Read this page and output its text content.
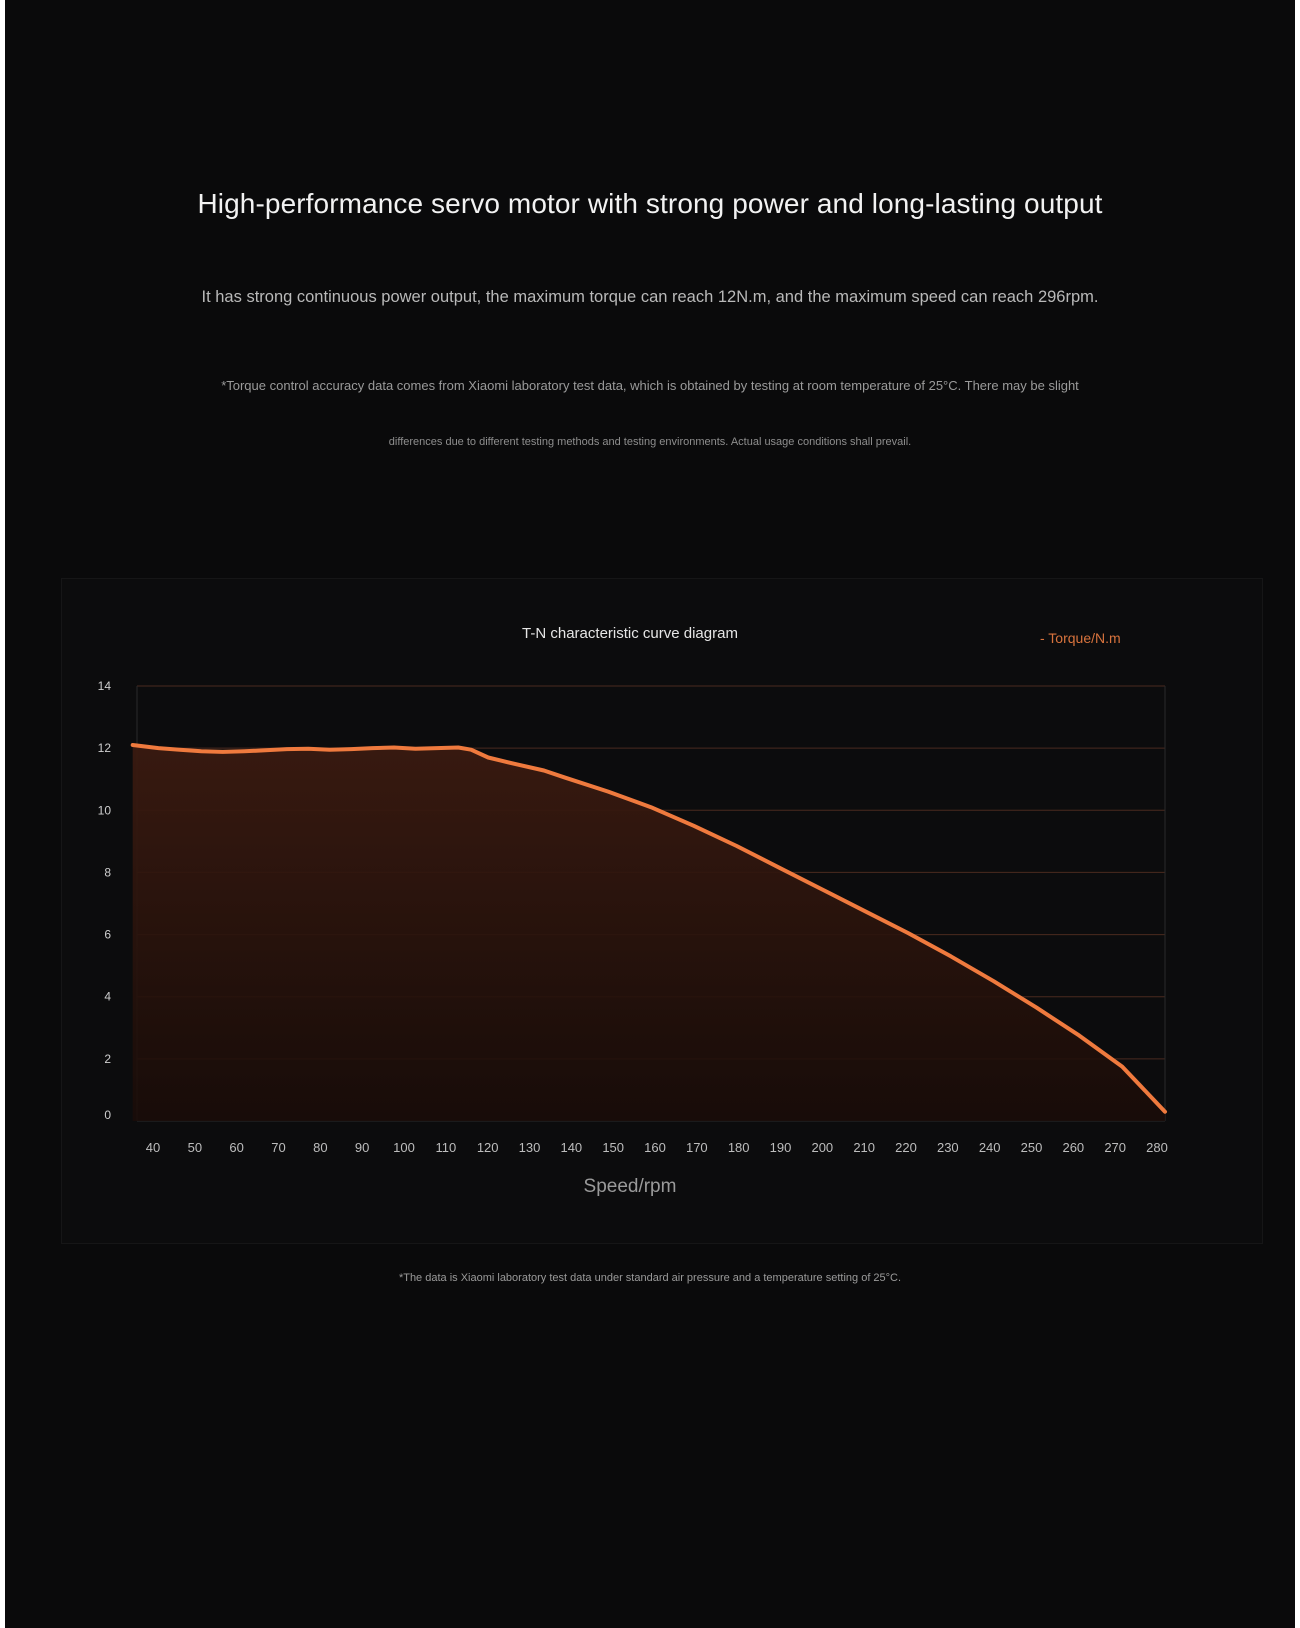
High-performance servo motor with strong power and long-lasting output
It has strong continuous power output, the maximum torque can reach 12N.m, and the maximum speed can reach 296rpm.
*Torque control accuracy data comes from Xiaomi laboratory test data, which is obtained by testing at room temperature of 25°C. There may be slight
differences due to different testing methods and testing environments. Actual usage conditions shall prevail.
T-N characteristic curve diagram	- Torque/N.m
0
2
4
6
8
10
12
14
40 50 60 70 80 90 100 110 120 130 140 150 160 170 180 190 200 210 220 230 240 250 260 270 280
Speed/rpm
*The data is Xiaomi laboratory test data under standard air pressure and a temperature setting of 25°C.
